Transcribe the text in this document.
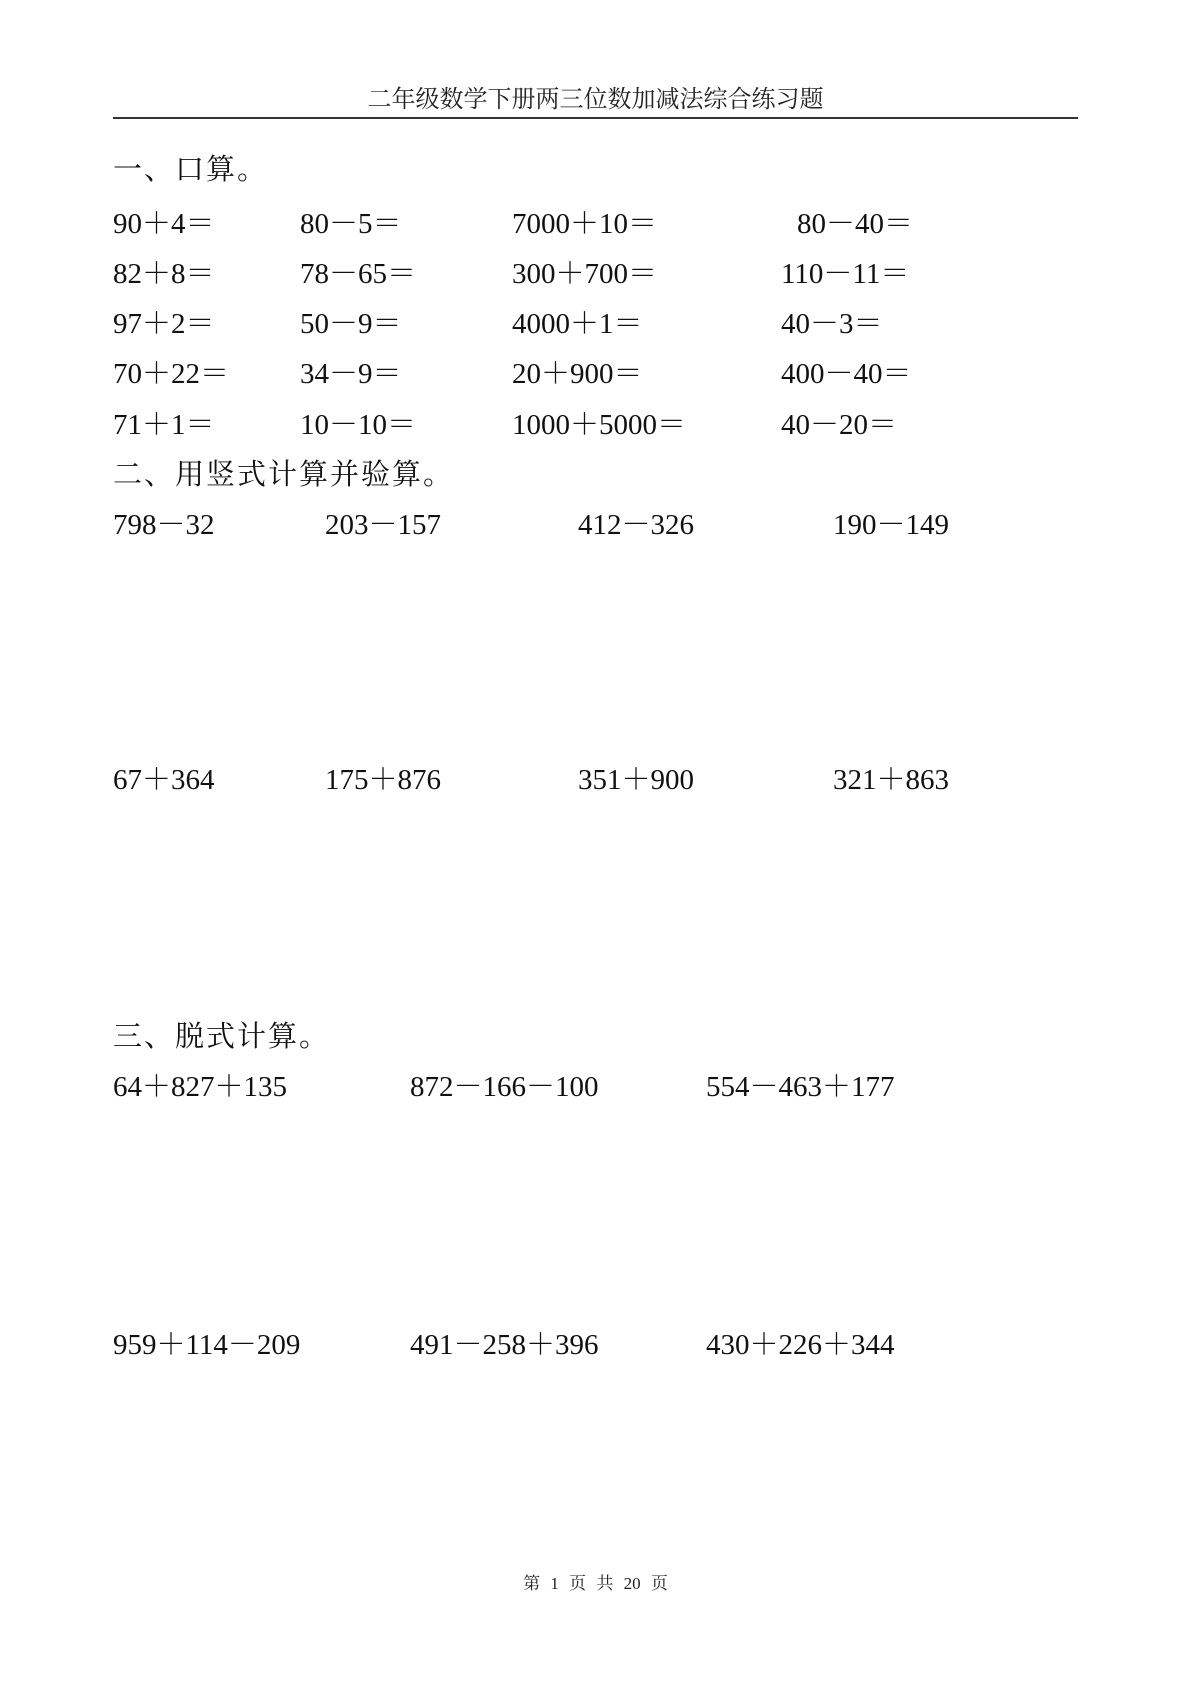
二年级数学下册两三位数加减法综合练习题
一、口算。
90＋4＝	80－5＝	7000＋10＝	80－40＝
82＋8＝	78－65＝	300＋700＝	110－11＝
97＋2＝	50－9＝	4000＋1＝	40－3＝
70＋22＝ 34－9＝	20＋900＝	400－40＝
71＋1＝	10－10＝	1000＋5000＝	40－20＝
二、用竖式计算并验算。
798－32	203－157	412－326	190－149
67＋364	175＋876	351＋900	321＋863
三、脱式计算。
64＋827＋135	872－166－100	554－463＋177
959＋114－209	491－258＋396	430＋226＋344
第 1 页 共 20 页
